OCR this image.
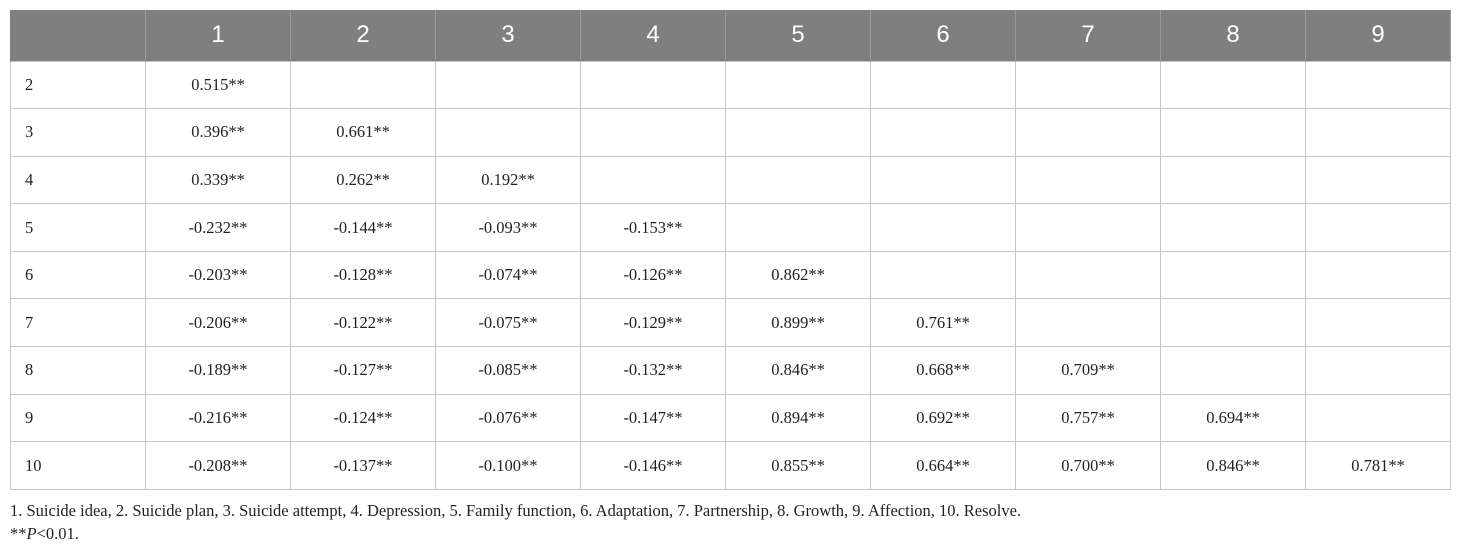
	1	2	3	4	5	6	7	8	9
2	0.515**								
3	0.396**	0.661**							
4	0.339**	0.262**	0.192**						
5	-0.232**	-0.144**	-0.093**	-0.153**					
6	-0.203**	-0.128**	-0.074**	-0.126**	0.862**				
7	-0.206**	-0.122**	-0.075**	-0.129**	0.899**	0.761**			
8	-0.189**	-0.127**	-0.085**	-0.132**	0.846**	0.668**	0.709**		
9	-0.216**	-0.124**	-0.076**	-0.147**	0.894**	0.692**	0.757**	0.694**	
10	-0.208**	-0.137**	-0.100**	-0.146**	0.855**	0.664**	0.700**	0.846**	0.781**
1. Suicide idea, 2. Suicide plan, 3. Suicide attempt, 4. Depression, 5. Family function, 6. Adaptation, 7. Partnership, 8. Growth, 9. Affection, 10. Resolve.
**P<0.01.
